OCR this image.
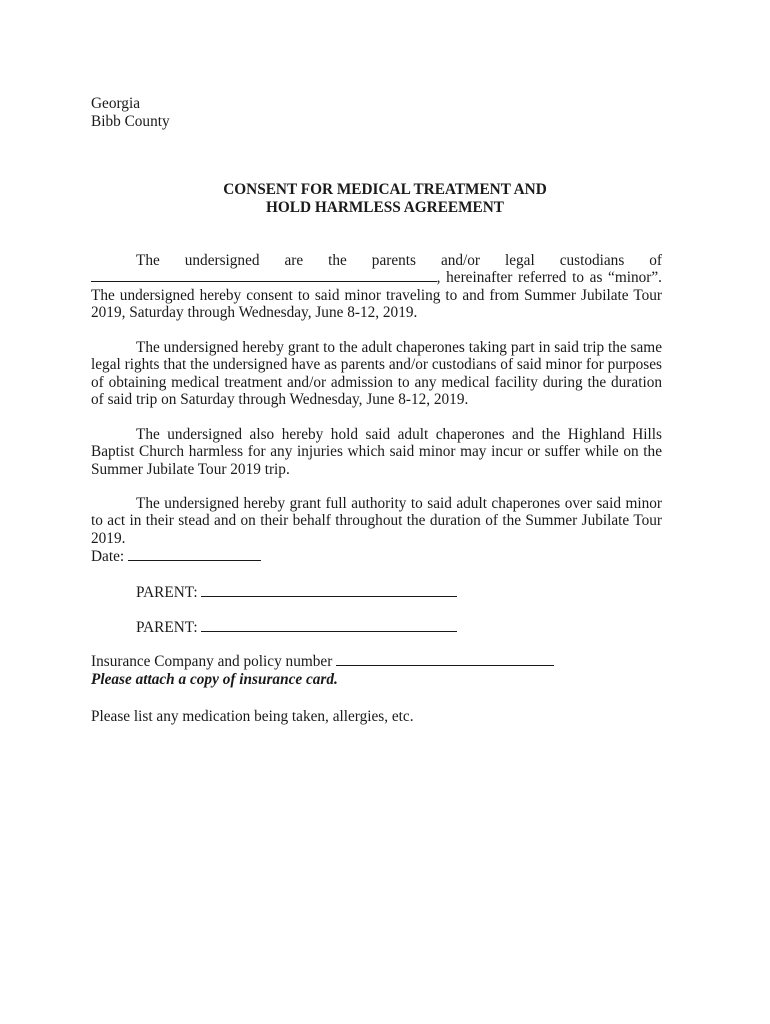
Georgia
Bibb County
CONSENT FOR MEDICAL TREATMENT AND
HOLD HARMLESS AGREEMENT
The undersigned are the parents and/or legal custodians of  , hereinafter referred to as “minor”. The undersigned hereby consent to said minor traveling to and from Summer Jubilate Tour 2019, Saturday through Wednesday, June 8-12, 2019.
The undersigned hereby grant to the adult chaperones taking part in said trip the same legal rights that the undersigned have as parents and/or custodians of said minor for purposes of obtaining medical treatment and/or admission to any medical facility during the duration of said trip on Saturday through Wednesday, June 8-12, 2019.
The undersigned also hereby hold said adult chaperones and the Highland Hills Baptist Church harmless for any injuries which said minor may incur or suffer while on the Summer Jubilate Tour 2019 trip.
The undersigned hereby grant full authority to said adult chaperones over said minor to act in their stead and on their behalf throughout the duration of the Summer Jubilate Tour 2019.
Date:
PARENT:
PARENT:
Insurance Company and policy number
Please attach a copy of insurance card.
Please list any medication being taken, allergies, etc.
